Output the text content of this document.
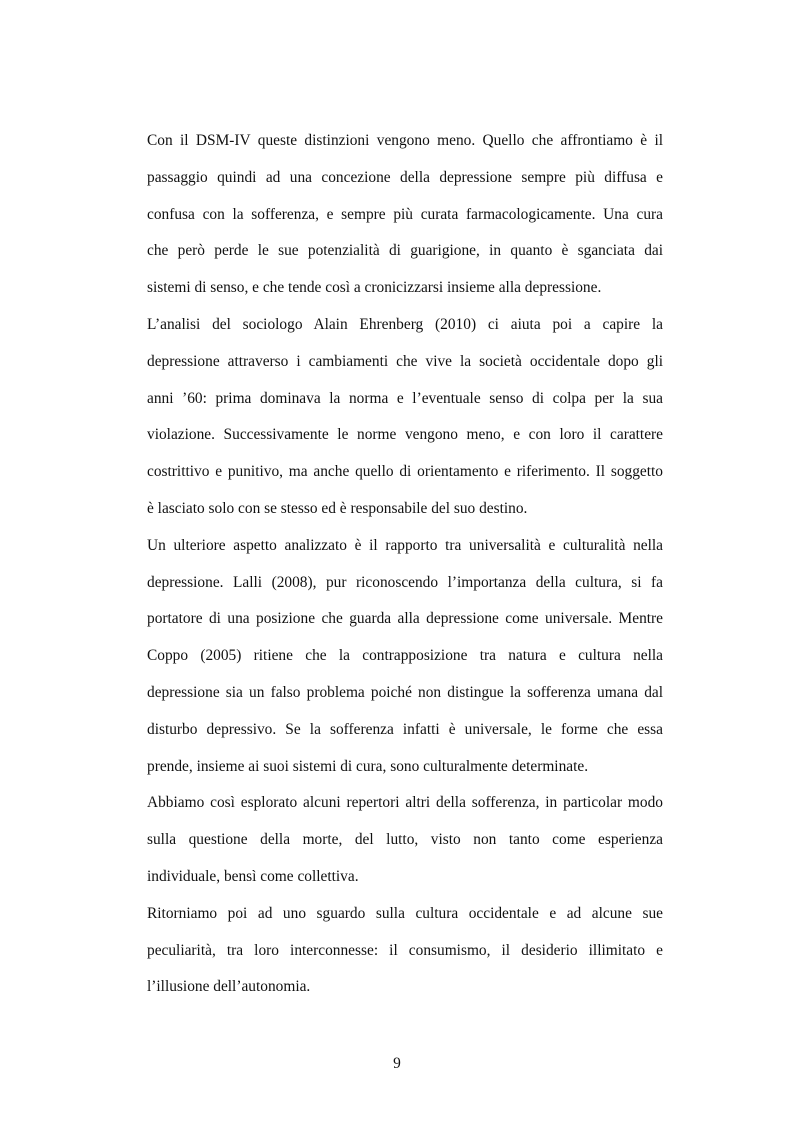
Con il DSM-IV queste distinzioni vengono meno. Quello che affrontiamo è il
passaggio quindi ad una concezione della depressione sempre più diffusa e
confusa con la sofferenza, e sempre più curata farmacologicamente. Una cura
che però perde le sue potenzialità di guarigione, in quanto è sganciata dai
sistemi di senso, e che tende così a cronicizzarsi insieme alla depressione.
L’analisi del sociologo Alain Ehrenberg (2010) ci aiuta poi a capire la
depressione attraverso i cambiamenti che vive la società occidentale dopo gli
anni ’60: prima dominava la norma e l’eventuale senso di colpa per la sua
violazione. Successivamente le norme vengono meno, e con loro il carattere
costrittivo e punitivo, ma anche quello di orientamento e riferimento. Il soggetto
è lasciato solo con se stesso ed è responsabile del suo destino.
Un ulteriore aspetto analizzato è il rapporto tra universalità e culturalità nella
depressione. Lalli (2008), pur riconoscendo l’importanza della cultura, si fa
portatore di una posizione che guarda alla depressione come universale. Mentre
Coppo (2005) ritiene che la contrapposizione tra natura e cultura nella
depressione sia un falso problema poiché non distingue la sofferenza umana dal
disturbo depressivo. Se la sofferenza infatti è universale, le forme che essa
prende, insieme ai suoi sistemi di cura, sono culturalmente determinate.
Abbiamo così esplorato alcuni repertori altri della sofferenza, in particolar modo
sulla questione della morte, del lutto, visto non tanto come esperienza
individuale, bensì come collettiva.
Ritorniamo poi ad uno sguardo sulla cultura occidentale e ad alcune sue
peculiarità, tra loro interconnesse: il consumismo, il desiderio illimitato e
l’illusione dell’autonomia.
9
